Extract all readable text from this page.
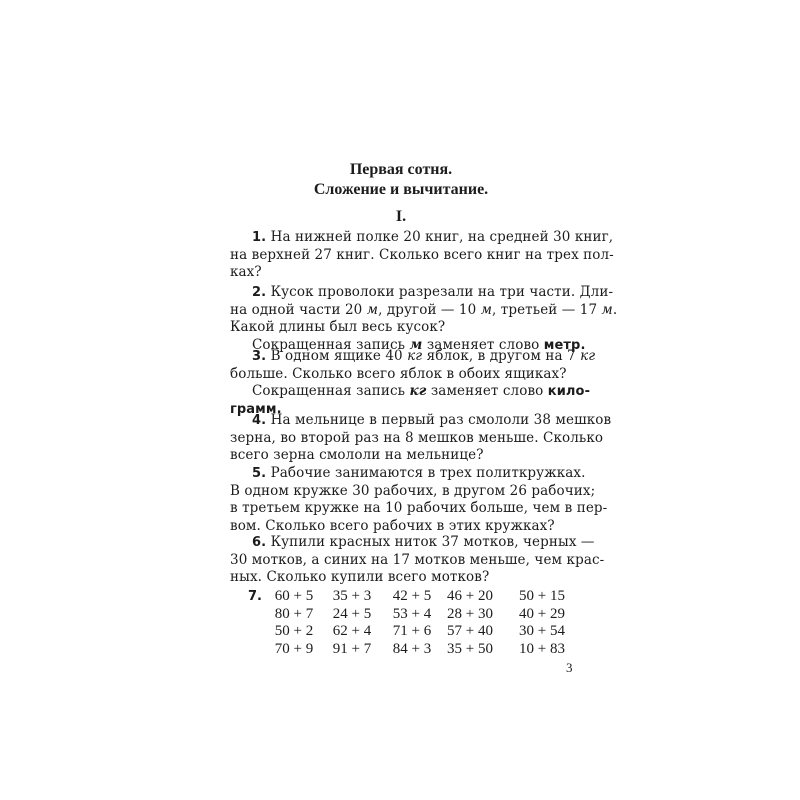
Первая сотня.
Сложение и вычитание.
I.
1. На нижней полке 20 книг, на средней 30 книг,
на верхней 27 книг. Сколько всего книг на трех пол-
ках?
2. Кусок проволоки разрезали на три части. Дли-
на одной части 20 м, другой — 10 м, третьей — 17 м.
Какой длины был весь кусок?
Сокращенная запись м заменяет слово метр.
3. В одном ящике 40 кг яблок, в другом на 7 кг
больше. Сколько всего яблок в обоих ящиках?
Сокращенная запись кг заменяет слово кило-
грамм.
4. На мельнице в первый раз смололи 38 мешков
зерна, во второй раз на 8 мешков меньше. Сколько
всего зерна смололи на мельнице?
5. Рабочие занимаются в трех политкружках.
В одном кружке 30 рабочих, в другом 26 рабочих;
в третьем кружке на 10 рабочих больше, чем в пер-
вом. Сколько всего рабочих в этих кружках?
6. Купили красных ниток 37 мотков, черных —
30 мотков, а синих на 17 мотков меньше, чем крас-
ных. Сколько купили всего мотков?
7. 60 + 5	35 + 3	42 + 5	46 + 20	50 + 15
80 + 7	24 + 5	53 + 4	28 + 30	40 + 29
50 + 2	62 + 4	71 + 6	57 + 40	30 + 54
70 + 9	91 + 7	84 + 3	35 + 50	10 + 83
3
